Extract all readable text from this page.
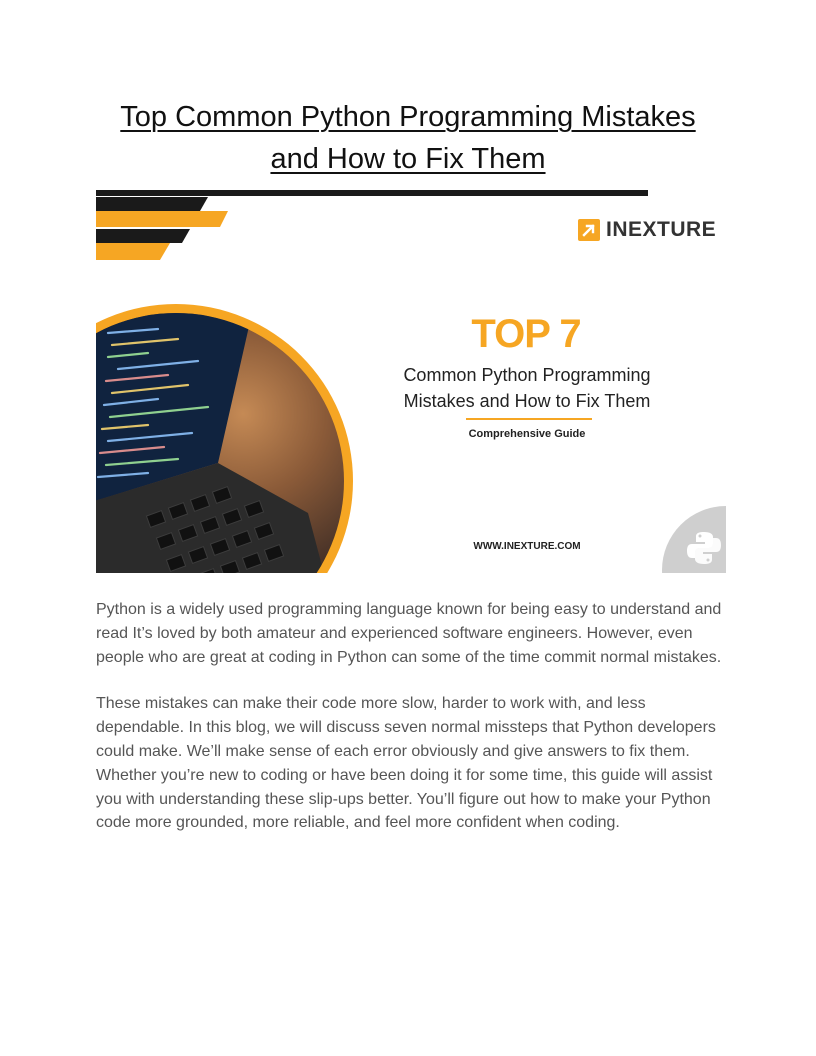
Top Common Python Programming Mistakes
and How to Fix Them
INEXTURE
TOP 7
Common Python Programming
Mistakes and How to Fix Them
Comprehensive Guide
WWW.INEXTURE.COM

Python is a widely used programming language known for being easy to understand and read It’s loved by both amateur and experienced software engineers. However, even people who are great at coding in Python can some of the time commit normal mistakes.

These mistakes can make their code more slow, harder to work with, and less dependable. In this blog, we will discuss seven normal missteps that Python developers could make. We’ll make sense of each error obviously and give answers to fix them. Whether you’re new to coding or have been doing it for some time, this guide will assist you with understanding these slip-ups better. You’ll figure out how to make your Python code more grounded, more reliable, and feel more confident when coding.
